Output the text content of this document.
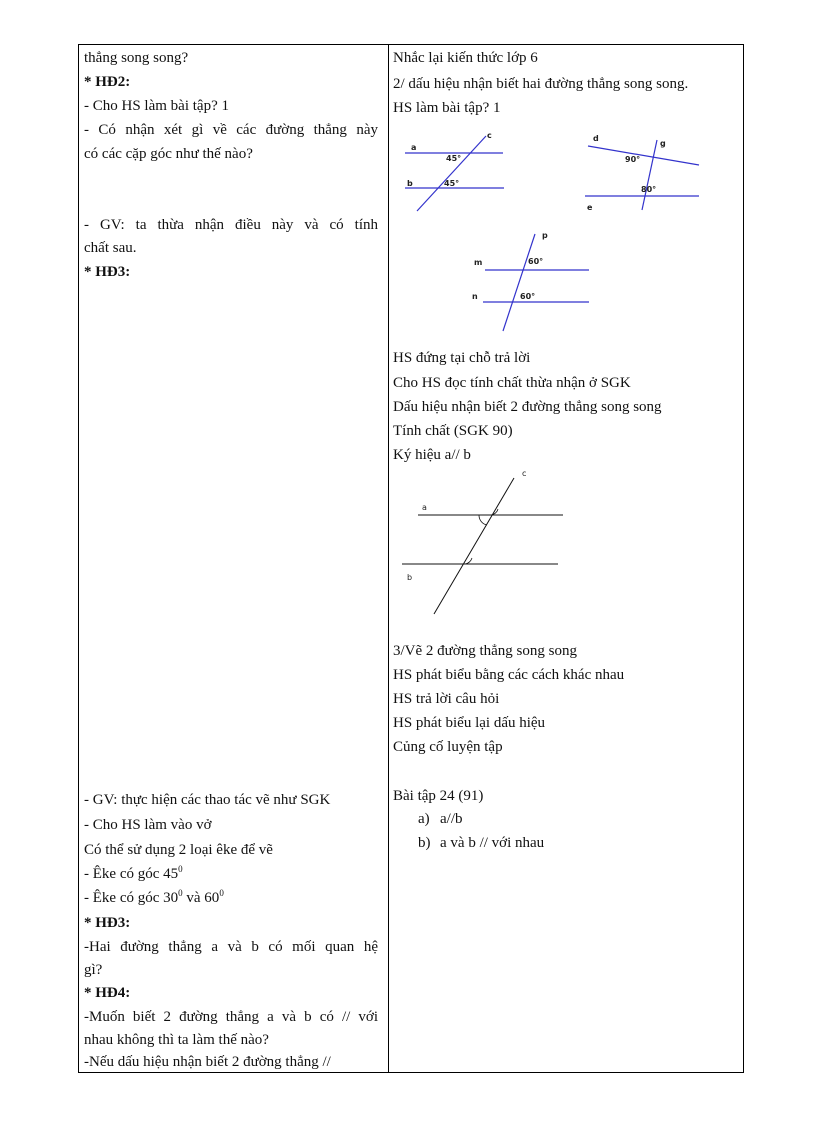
thẳng song song?
* HĐ2:
- Cho HS làm bài tập? 1
- Có nhận xét gì về các đường thẳng này
có các cặp góc như thế nào?
- GV: ta thừa nhận điều này và có tính
chất sau.
* HĐ3:
- GV: thực hiện các thao tác vẽ như SGK
- Cho HS làm vào vở
Có thể sử dụng 2 loại êke để vẽ
- Êke có góc $45^0$
- Êke có góc $30^0$ và $60^0$
* HĐ3:
-Hai đường thẳng a và b có mối quan hệ
gì?
* HĐ4:
-Muốn biết 2 đường thẳng a và b có // với
nhau không thì ta làm thế nào?
-Nếu dấu hiệu nhận biết 2 đường thẳng //
Nhắc lại kiến thức lớp 6
2/ dấu hiệu nhận biết hai đường thẳng song song.
HS làm bài tập? 1
a
b
c
45°
45°
d
g
e
90°
80°
p
m
n
60°
60°
HS đứng tại chỗ trả lời
Cho HS đọc tính chất thừa nhận ở SGK
Dấu hiệu nhận biết 2 đường thẳng song song
Tính chất (SGK 90)
Ký hiệu a// b
a
b
c
3/Vẽ 2 đường thẳng song song
HS phát biểu bằng các cách khác nhau
HS trả lời câu hỏi
HS phát biểu lại dấu hiệu
Củng cố luyện tập
Bài tập 24 (91)
a) a//b
b) a và b // với nhau
